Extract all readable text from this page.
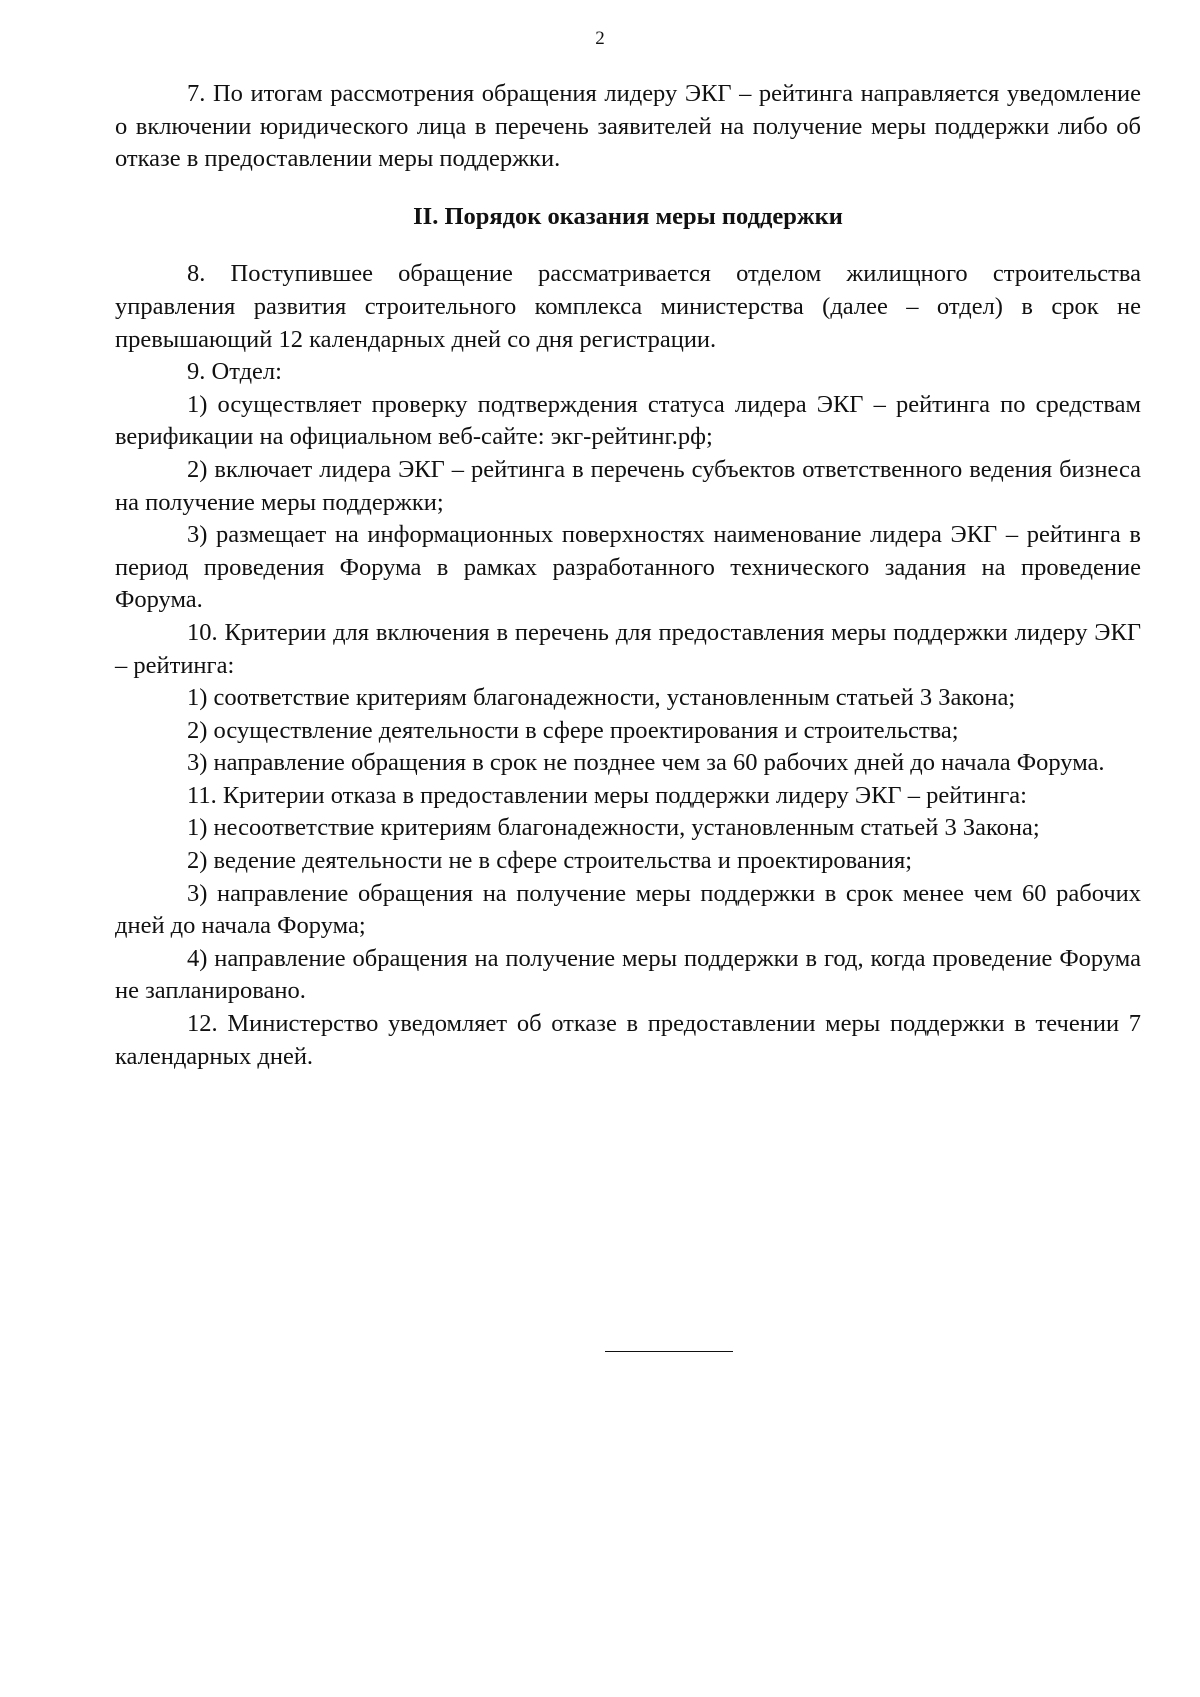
2

7. По итогам рассмотрения обращения лидеру ЭКГ – рейтинга направляется уведомление о включении юридического лица в перечень заявителей на получение меры поддержки либо об отказе в предоставлении меры поддержки.

II. Порядок оказания меры поддержки

8. Поступившее обращение рассматривается отделом жилищного строительства управления развития строительного комплекса министерства (далее – отдел) в срок не превышающий 12 календарных дней со дня регистрации.

9. Отдел:

1) осуществляет проверку подтверждения статуса лидера ЭКГ – рейтинга по средствам верификации на официальном веб-сайте: экг-рейтинг.рф;

2) включает лидера ЭКГ – рейтинга в перечень субъектов ответственного ведения бизнеса на получение меры поддержки;

3) размещает на информационных поверхностях наименование лидера ЭКГ – рейтинга в период проведения Форума в рамках разработанного технического задания на проведение Форума.

10. Критерии для включения в перечень для предоставления меры поддержки лидеру ЭКГ – рейтинга:

1) соответствие критериям благонадежности, установленным статьей 3 Закона;

2) осуществление деятельности в сфере проектирования и строительства;

3) направление обращения в срок не позднее чем за 60 рабочих дней до начала Форума.

11. Критерии отказа в предоставлении меры поддержки лидеру ЭКГ – рейтинга:

1) несоответствие критериям благонадежности, установленным статьей 3 Закона;

2) ведение деятельности не в сфере строительства и проектирования;

3) направление обращения на получение меры поддержки в срок менее чем 60 рабочих дней до начала Форума;

4) направление обращения на получение меры поддержки в год, когда проведение Форума не запланировано.

12. Министерство уведомляет об отказе в предоставлении меры поддержки в течении 7 календарных дней.
